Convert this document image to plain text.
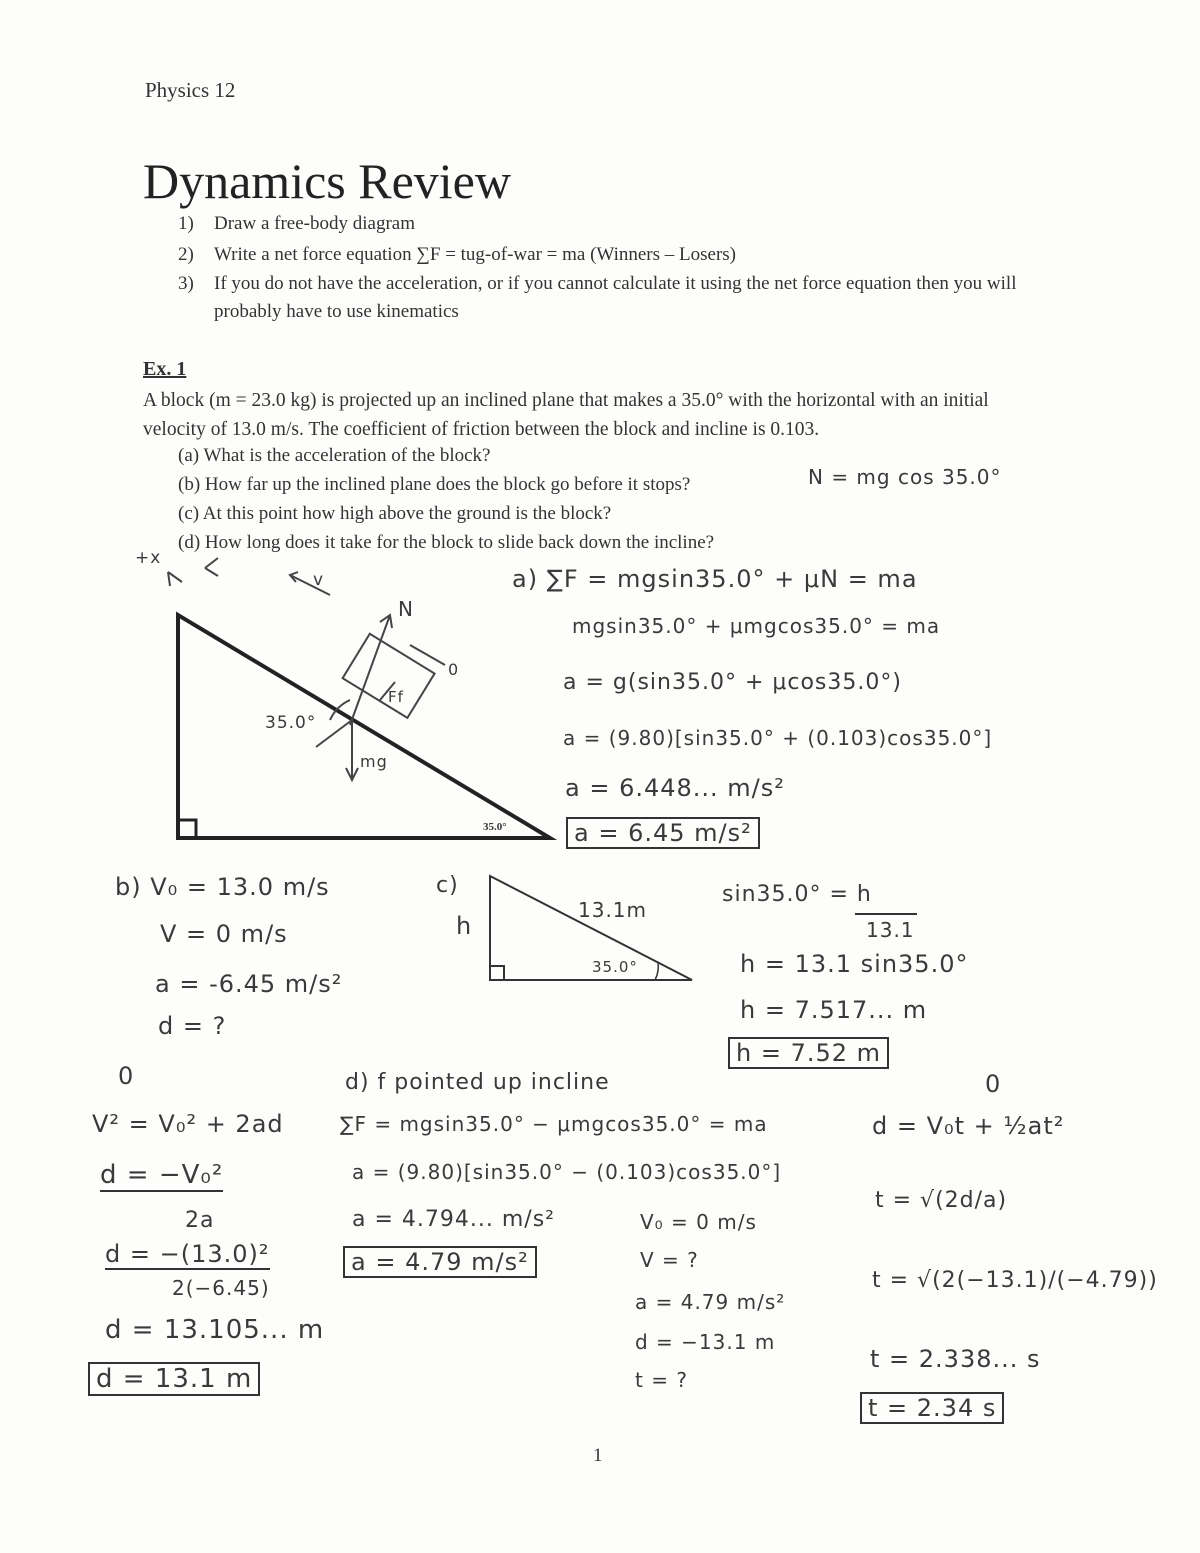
Physics 12
Dynamics Review
1) Draw a free-body diagram
2) Write a net force equation ∑F = tug-of-war = ma (Winners – Losers)
3) If you do not have the acceleration, or if you cannot calculate it using the net force equation then you will probably have to use kinematics
Ex. 1
A block (m = 23.0 kg) is projected up an inclined plane that makes a 35.0° with the horizontal with an initial velocity of 13.0 m/s. The coefficient of friction between the block and incline is 0.103.
(a) What is the acceleration of the block?
(b) How far up the inclined plane does the block go before it stops?
(c) At this point how high above the ground is the block?
(d) How long does it take for the block to slide back down the incline?
+x
v
N
0
Ff
35.0°
mg
35.0°
N = mg cos 35.0°
a) ∑F = mgsin35.0° + μN = ma
mgsin35.0° + μmgcos35.0° = ma
a = g(sin35.0° + μcos35.0°)
a = (9.80)[sin35.0° + (0.103)cos35.0°]
a = 6.448... m/s²
a = 6.45 m/s²
b) V₀ = 13.0 m/s
V = 0 m/s
a = -6.45 m/s²
d = ?
0
V² = V₀² + 2ad
d = −V₀²
2a
d = −(13.0)²
2(−6.45)
d = 13.105... m
d = 13.1 m
c)
h
13.1m
35.0°
sin35.0° = h
13.1
h = 13.1 sin35.0°
h = 7.517... m
h = 7.52 m
d) f pointed up incline
∑F = mgsin35.0° − μmgcos35.0° = ma
a = (9.80)[sin35.0° − (0.103)cos35.0°]
a = 4.794... m/s²
a = 4.79 m/s²
V₀ = 0 m/s
V = ?
a = 4.79 m/s²
d = −13.1 m
t = ?
0
d = V₀t + ½at²
t = √(2d/a)
t = √(2(−13.1)/(−4.79))
t = 2.338... s
t = 2.34 s
1
